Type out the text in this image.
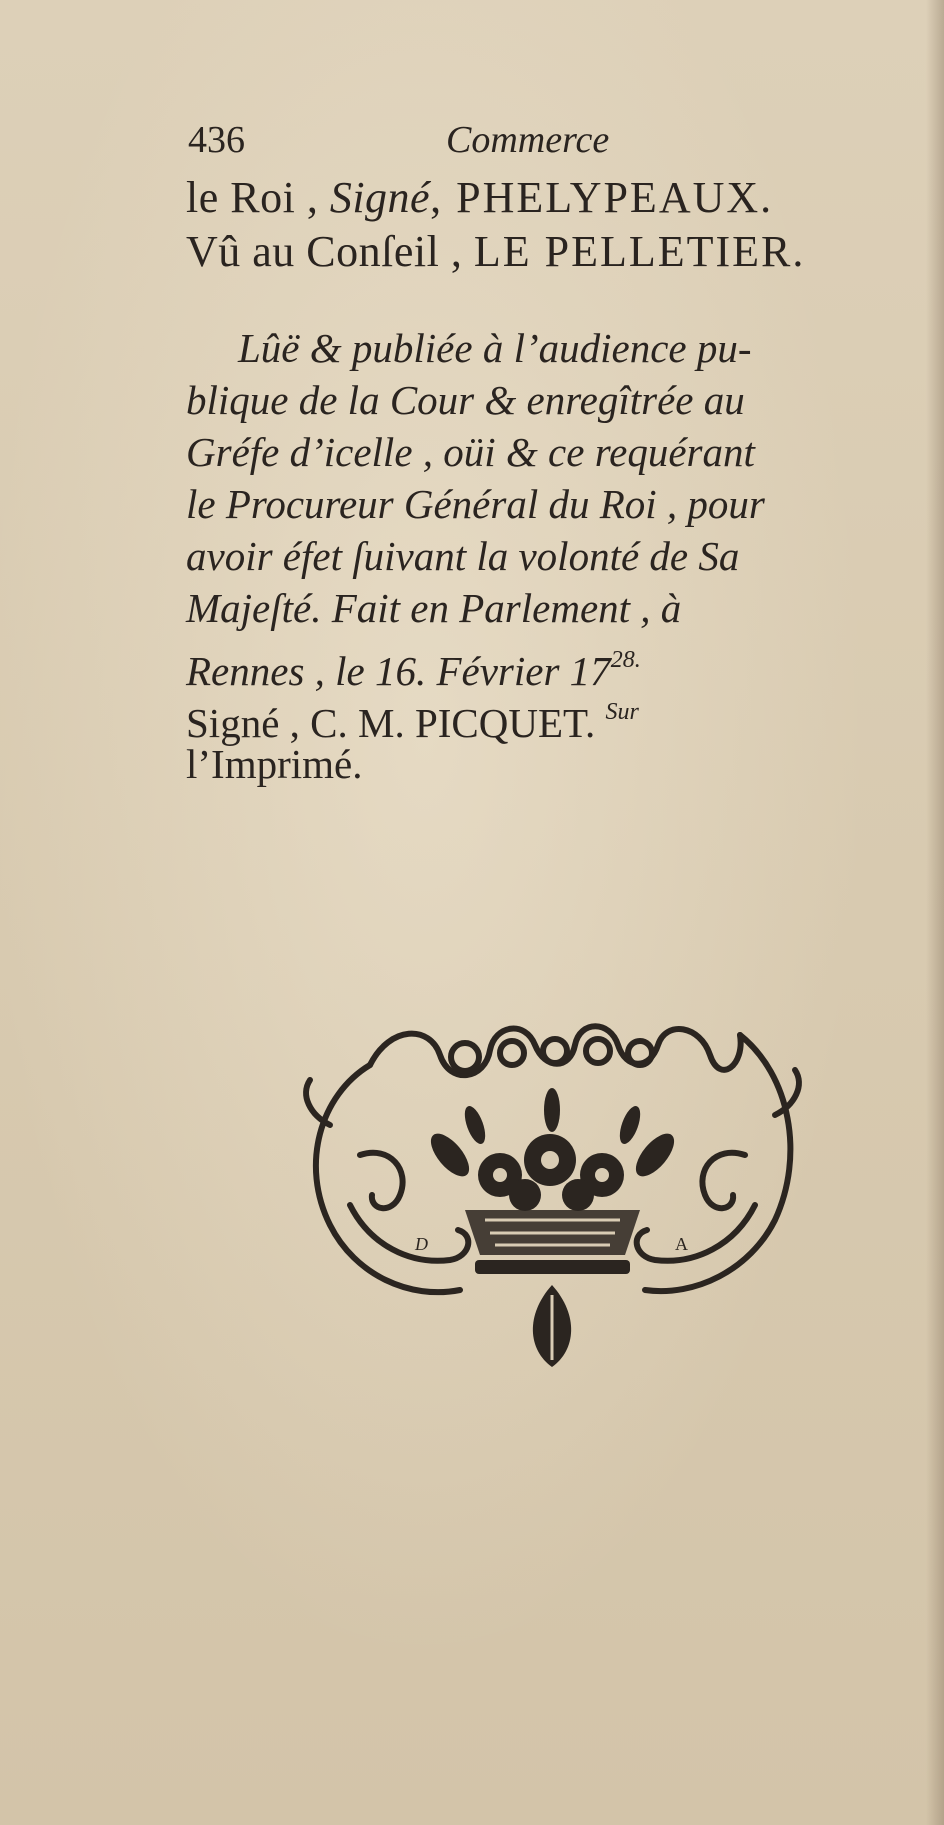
436	Commerce
le Roi , Signé, PHELYPEAUX.
Vû au Conſeil , LE PELLETIER.
Lûë & publiée à l’audience pu-
blique de la Cour & enregîtrée au
Gréfe d’icelle , oüi & ce requérant
le Procureur Général du Roi , pour
avoir éfet ſuivant la volonté de Sa
Majeſté. Fait en Parlement , à
Rennes , le 16. Février $17^{28.}$
Signé , C. M. PICQUET. $^{Sur}$
l’Imprimé.
D	A
